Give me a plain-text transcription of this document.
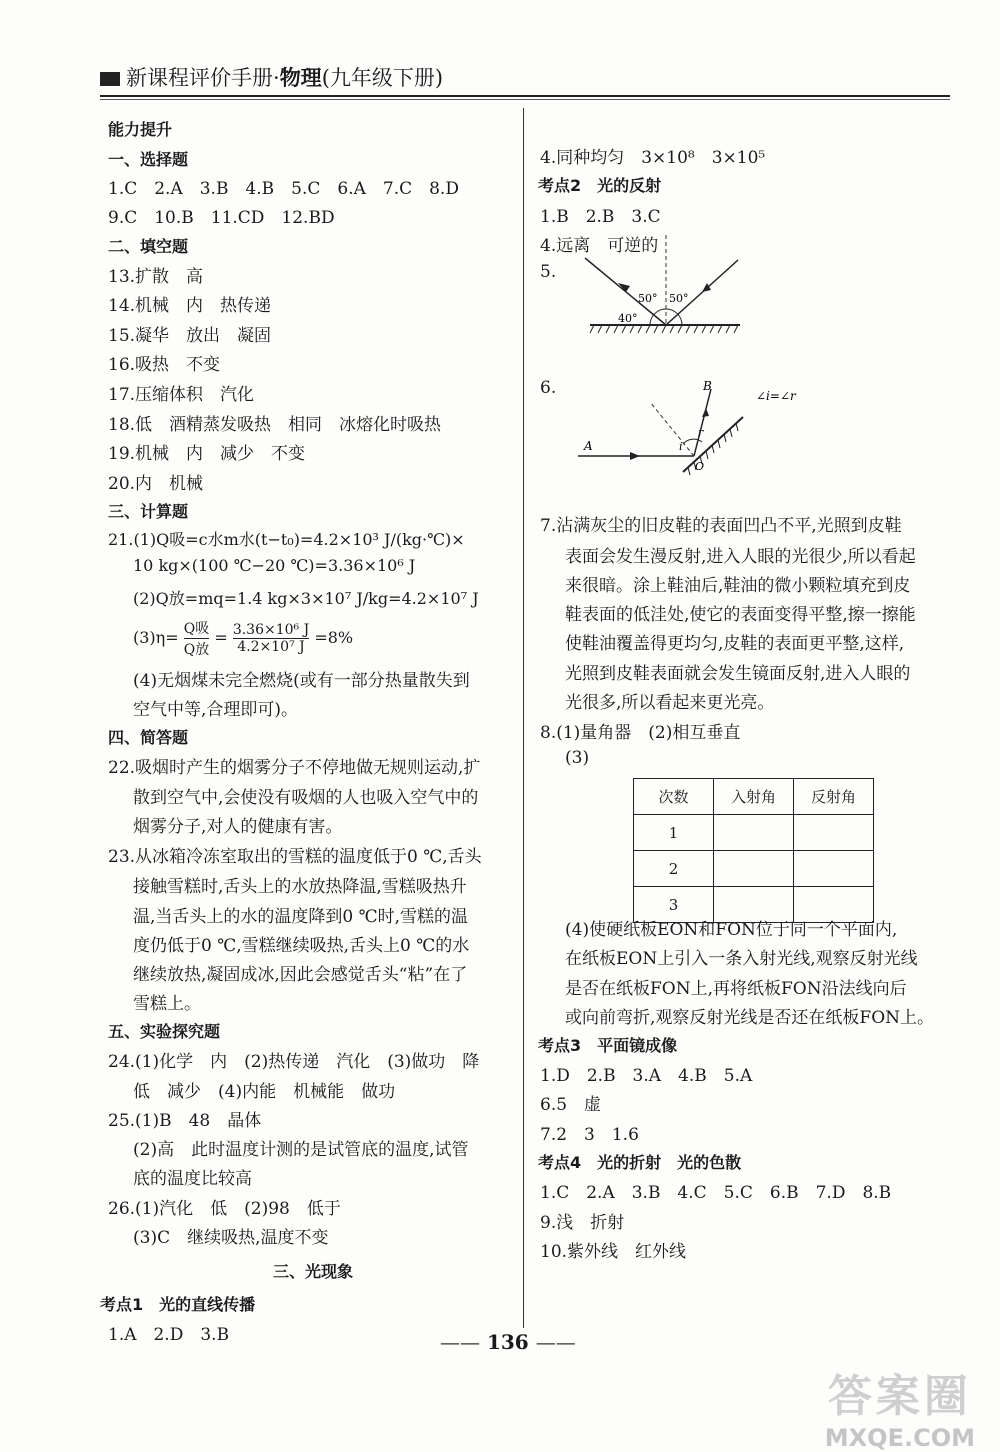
新课程评价手册·物理(九年级下册)
能力提升
一、选择题
1.C　2.A　3.B　4.B　5.C　6.A　7.C　8.D
9.C　10.B　11.CD　12.BD
二、填空题
13.扩散　高
14.机械　内　热传递
15.凝华　放出　凝固
16.吸热　不变
17.压缩体积　汽化
18.低　酒精蒸发吸热　相同　冰熔化时吸热
19.机械　内　减少　不变
20.内　机械
三、计算题
21.(1)Q吸=c水m水(t−t₀)=4.2×10³ J/(kg·℃)×
10 kg×(100 ℃−20 ℃)=3.36×10⁶ J
(2)Q放=mq=1.4 kg×3×10⁷ J/kg=4.2×10⁷ J
(3)η= Q吸
Q放
= $\frac{\text{3.36×10⁶ J}}{\text{4.2×10⁷ J}} =8\%$
(4)无烟煤未完全燃烧(或有一部分热量散失到
空气中等,合理即可)。
四、简答题
22.吸烟时产生的烟雾分子不停地做无规则运动,扩
散到空气中,会使没有吸烟的人也吸入空气中的
烟雾分子,对人的健康有害。
23.从冰箱冷冻室取出的雪糕的温度低于0 ℃,舌头
接触雪糕时,舌头上的水放热降温,雪糕吸热升
温,当舌头上的水的温度降到0 ℃时,雪糕的温
度仍低于0 ℃,雪糕继续吸热,舌头上0 ℃的水
继续放热,凝固成冰,因此会感觉舌头“粘”在了
雪糕上。
五、实验探究题
24.(1)化学　内　(2)热传递　汽化　(3)做功　降
低　减少　(4)内能　机械能　做功
25.(1)B　48　晶体
(2)高　此时温度计测的是试管底的温度,试管
底的温度比较高
26.(1)汽化　低　(2)98　低于
(3)C　继续吸热,温度不变
三、光现象
考点1　光的直线传播
1.A　2.D　3.B
4.同种均匀　3×10⁸　3×10⁵
考点2　光的反射
1.B　2.B　3.C
4.远离　可逆的
5.
6.
7.沾满灰尘的旧皮鞋的表面凹凸不平,光照到皮鞋
表面会发生漫反射,进入人眼的光很少,所以看起
来很暗。涂上鞋油后,鞋油的微小颗粒填充到皮
鞋表面的低洼处,使它的表面变得平整,擦一擦能
使鞋油覆盖得更均匀,皮鞋的表面更平整,这样,
光照到皮鞋表面就会发生镜面反射,进入人眼的
光很多,所以看起来更光亮。
8.(1)量角器　(2)相互垂直
(3)
(4)使硬纸板EON和FON位于同一个平面内,
在纸板EON上引入一条入射光线,观察反射光线
是否在纸板FON上,再将纸板FON沿法线向后
或向前弯折,观察反射光线是否还在纸板FON上。
考点3　平面镜成像
1.D　2.B　3.A　4.B　5.A
6.5　虚
7.2　3　1.6
考点4　光的折射　光的色散
1.C　2.A　3.B　4.C　5.C　6.B　7.D　8.B
9.浅　折射
10.紫外线　红外线
50° 50°
40°
A
B
i
r
O
∠i=∠r
次数	入射角	反射角
1		
2		
3		
—— 136 ——
答案圈
MXQE.COM
